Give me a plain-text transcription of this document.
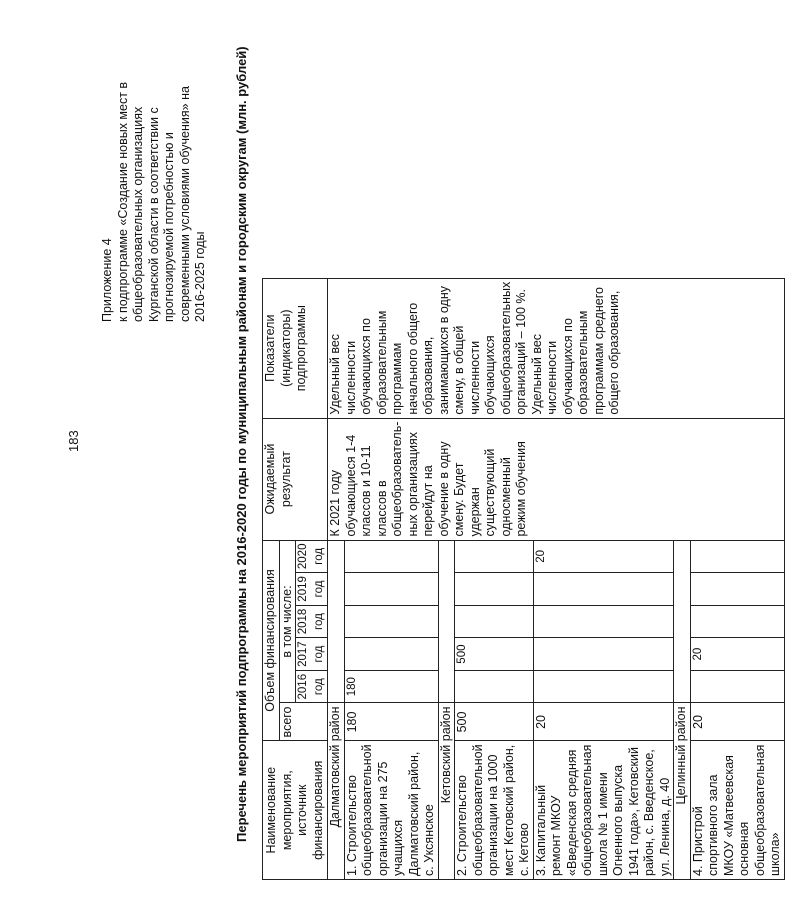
183
Приложение 4 к подпрограмме «Создание новых мест в общеобразовательных организациях Курганской области в соответствии с прогнозируемой потребностью и современными условиями обучения» на 2016-2025 годы Перечень мероприятий подпрограммы на 2016-2020 годы по муниципальным районам и городским округам (млн. рублей) Наименование мероприятия, источник финансирования	Объем финансирования						Ожидаемый результат	Показатели (индикаторы) подпрограммы
	всего	в том числе:						
		2016 год	2017 год	2018 год	2019 год	2020 год		
Далматовский район							К 2021 году обучающиеся 1-4 классов и 10-11 классов в общеобразователь-ных организациях перейдут на обучение в одну смену. Будет удержан существующий односменный режим обучения	Удельный вес численности обучающихся по образовательным программам начального общего образования, занимающихся в одну смену, в общей численности обучающихся общеобразовательных организаций – 100 %. Удельный вес численности обучающихся по образовательным программам среднего общего образования,
1. Строительство общеобразовательной организации на 275 учащихся Далматовский район, с. Уксянское	180	180						
Кетовский район								
2. Строительство общеобразовательной организации на 1000 мест Кетовский район, с. Кетово	500		500					
3. Капитальный ремонт МКОУ «Введенская средняя общеобразовательная школа № 1 имени Огненного выпуска 1941 года», Кетовский район, с. Введенское, ул. Ленина, д. 40	20					20		
Целинный район								
4. Пристрой спортивного зала МКОУ «Матвеевская основная общеобразовательная школа»	20		20					
